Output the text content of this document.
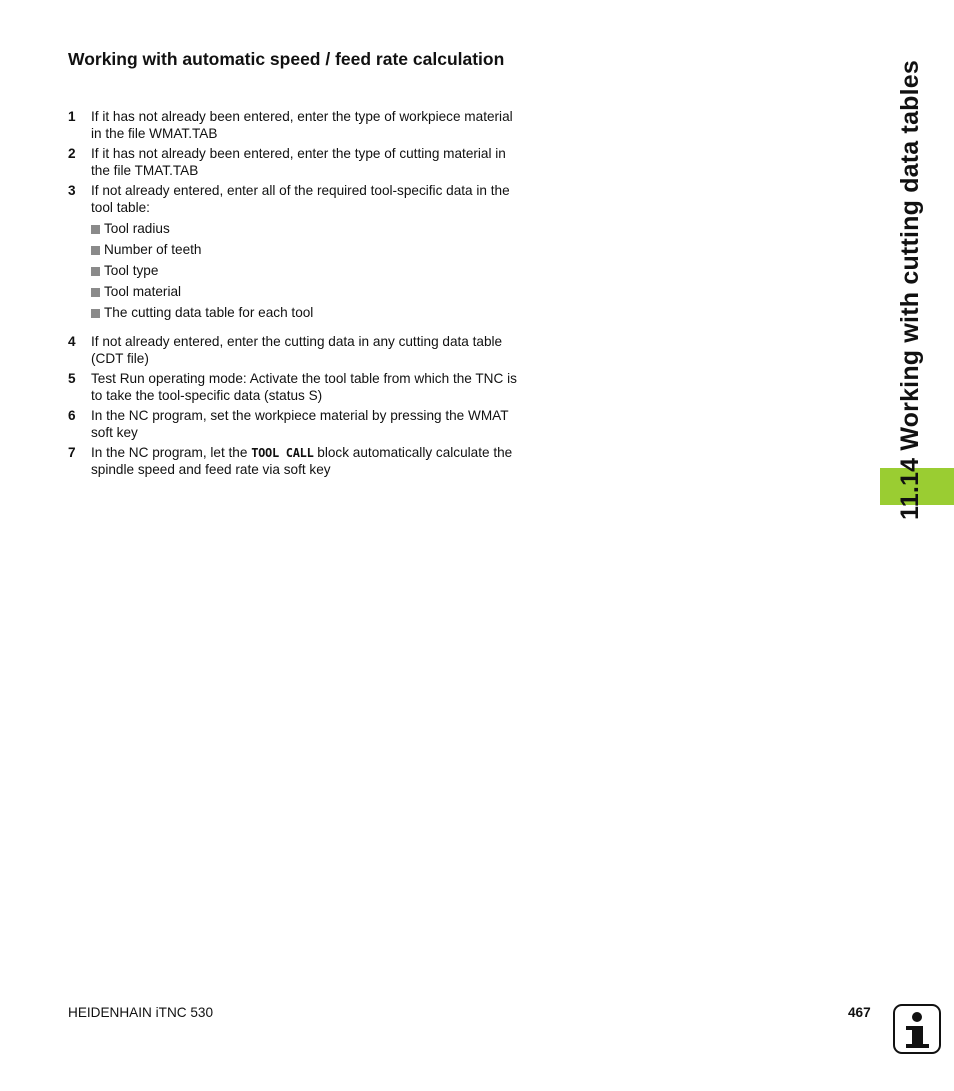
Working with automatic speed / feed rate calculation
1	If it has not already been entered, enter the type of workpiece material in the file WMAT.TAB
2	If it has not already been entered, enter the type of cutting material in the file TMAT.TAB
3	If not already entered, enter all of the required tool-specific data in the tool table:
Tool radius
Number of teeth
Tool type
Tool material
The cutting data table for each tool
4	If not already entered, enter the cutting data in any cutting data table (CDT file)
5	Test Run operating mode: Activate the tool table from which the TNC is to take the tool-specific data (status S)
6	In the NC program, set the workpiece material by pressing the WMAT soft key
7	In the NC program, let the TOOL CALL block automatically calculate the spindle speed and feed rate via soft key	11.14 Working with cutting data tables
HEIDENHAIN iTNC 530	467
